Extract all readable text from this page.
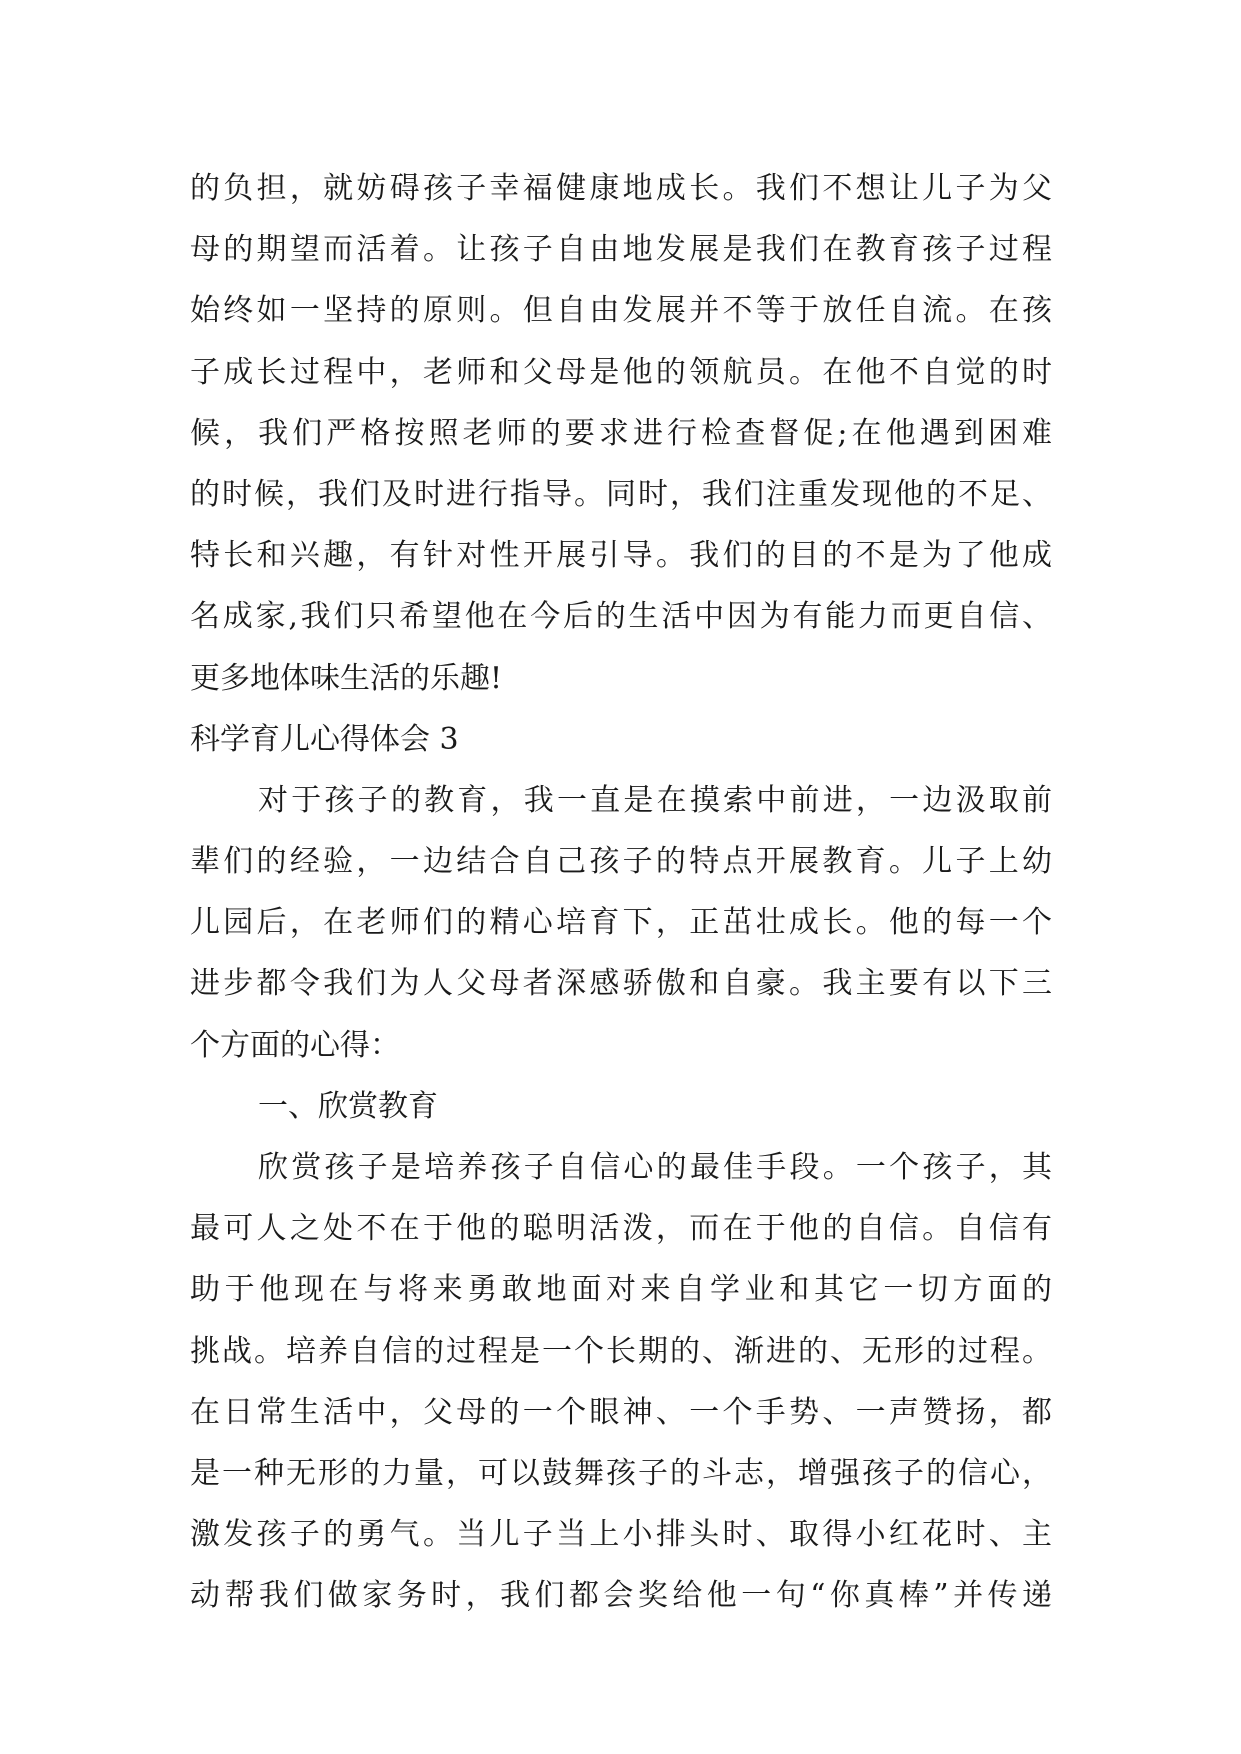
的负担，就妨碍孩子幸福健康地成长。我们不想让儿子为父
母的期望而活着。让孩子自由地发展是我们在教育孩子过程
始终如一坚持的原则。但自由发展并不等于放任自流。在孩
子成长过程中，老师和父母是他的领航员。在他不自觉的时
候，我们严格按照老师的要求进行检查督促;在他遇到困难
的时候，我们及时进行指导。同时，我们注重发现他的不足、
特长和兴趣，有针对性开展引导。我们的目的不是为了他成
名成家,我们只希望他在今后的生活中因为有能力而更自信、
更多地体味生活的乐趣!
科学育儿心得体会 3
对于孩子的教育，我一直是在摸索中前进，一边汲取前
辈们的经验，一边结合自己孩子的特点开展教育。儿子上幼
儿园后，在老师们的精心培育下，正茁壮成长。他的每一个
进步都令我们为人父母者深感骄傲和自豪。我主要有以下三
个方面的心得：
一、欣赏教育
欣赏孩子是培养孩子自信心的最佳手段。一个孩子，其
最可人之处不在于他的聪明活泼，而在于他的自信。自信有
助于他现在与将来勇敢地面对来自学业和其它一切方面的
挑战。培养自信的过程是一个长期的、渐进的、无形的过程。
在日常生活中，父母的一个眼神、一个手势、一声赞扬，都
是一种无形的力量，可以鼓舞孩子的斗志，增强孩子的信心，
激发孩子的勇气。当儿子当上小排头时、取得小红花时、主
动帮我们做家务时，我们都会奖给他一句“你真棒”并传递
